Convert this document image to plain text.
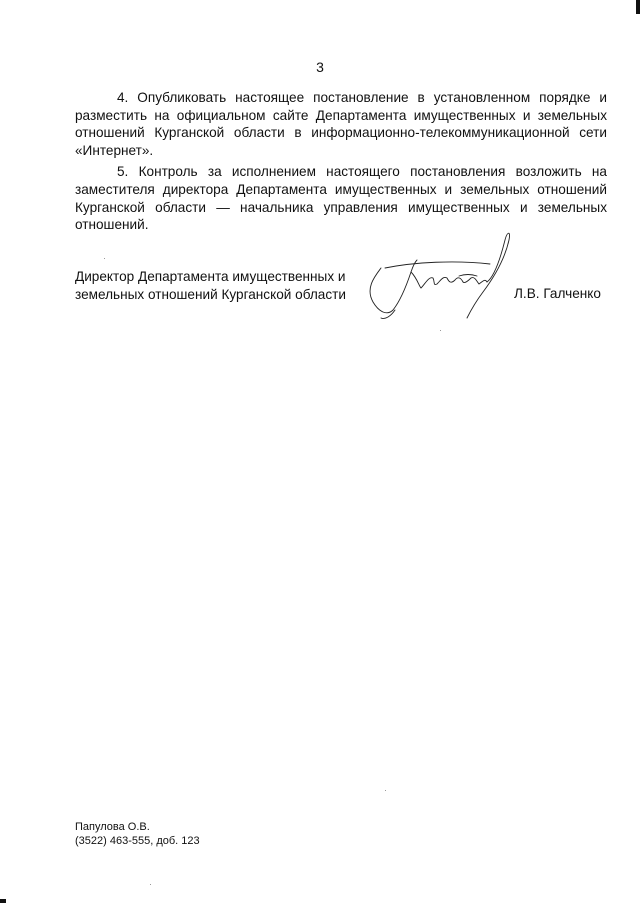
3

4. Опубликовать настоящее постановление в установленном порядке и разместить на официальном сайте Департамента имущественных и земельных отношений Курганской области в информационно-телекоммуникационной сети «Интернет».

5. Контроль за исполнением настоящего постановления возложить на заместителя директора Департамента имущественных и земельных отношений Курганской области — начальника управления имущественных и земельных отношений.

Директор Департамента имущественных и
земельных отношений Курганской области	Л.В. Галченко
Папулова О.В.
(3522) 463-555, доб. 123
